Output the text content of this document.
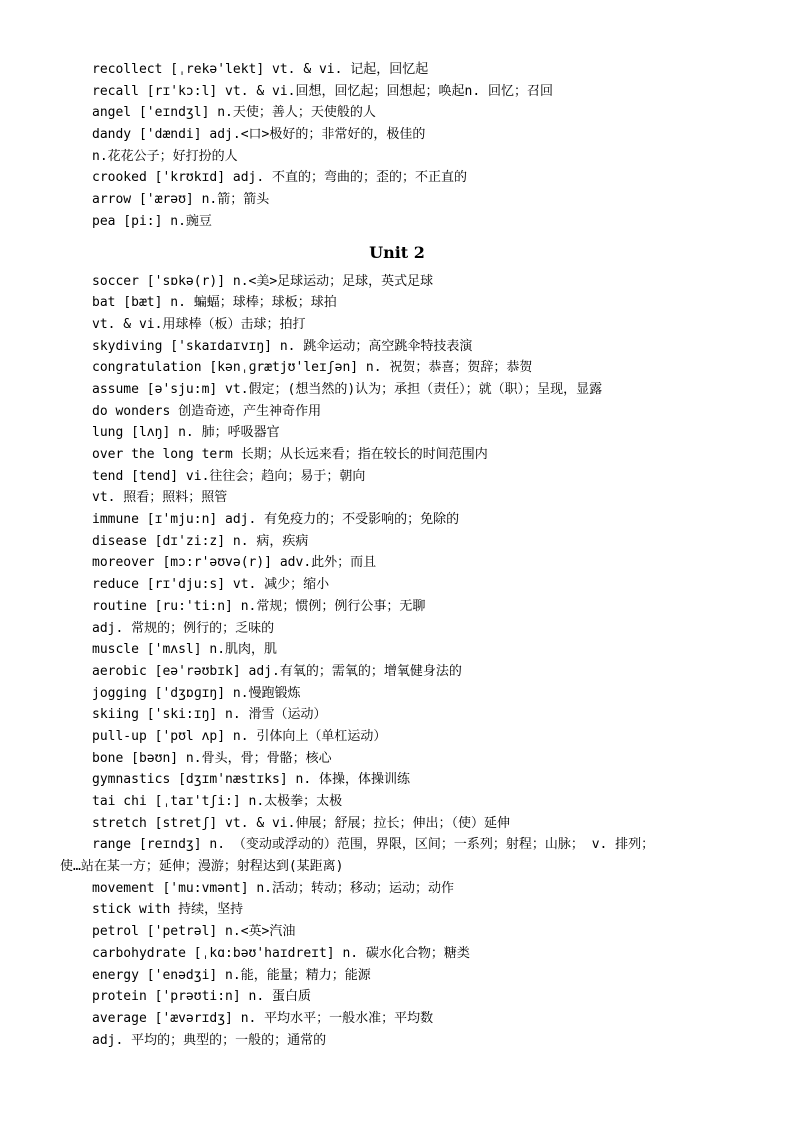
recollect [ˌrekə'lekt] vt. & vi. 记起，回忆起
recall [rɪ'kɔ:l] vt. & vi.回想，回忆起；回想起；唤起n. 回忆；召回
angel ['eɪndʒl] n.天使；善人；天使般的人
dandy ['dændi] adj.<口>极好的；非常好的，极佳的
n.花花公子；好打扮的人
crooked ['krʊkɪd] adj. 不直的；弯曲的；歪的；不正直的
arrow ['ærəʊ] n.箭；箭头
pea [pi:] n.豌豆
Unit 2
soccer ['sɒkə(r)] n.<美>足球运动；足球，英式足球
bat [bæt] n. 蝙蝠；球棒；球板；球拍
vt. & vi.用球棒（板）击球；拍打
skydiving ['skaɪdaɪvɪŋ] n. 跳伞运动；高空跳伞特技表演
congratulation [kənˌɡrætjʊ'leɪʃən] n. 祝贺；恭喜；贺辞；恭贺
assume [ə'sju:m] vt.假定；(想当然的)认为；承担（责任）；就（职）；呈现，显露
do wonders 创造奇迹，产生神奇作用
lung [lʌŋ] n. 肺；呼吸器官
over the long term 长期；从长远来看；指在较长的时间范围内
tend [tend] vi.往往会；趋向；易于；朝向
vt. 照看；照料；照管
immune [ɪ'mju:n] adj. 有免疫力的；不受影响的；免除的
disease [dɪ'zi:z] n. 病，疾病
moreover [mɔ:r'əʊvə(r)] adv.此外；而且
reduce [rɪ'dju:s] vt. 减少；缩小
routine [ru:'ti:n] n.常规；惯例；例行公事；无聊
adj. 常规的；例行的；乏味的
muscle ['mʌsl] n.肌肉，肌
aerobic [eə'rəʊbɪk] adj.有氧的；需氧的；增氧健身法的
jogging ['dʒɒɡɪŋ] n.慢跑锻炼
skiing ['ski:ɪŋ] n. 滑雪（运动）
pull-up ['pʊl ʌp] n. 引体向上（单杠运动）
bone [bəʊn] n.骨头，骨；骨骼；核心
gymnastics [dʒɪm'næstɪks] n. 体操，体操训练
tai chi [ˌtaɪ'tʃi:] n.太极拳；太极
stretch [stretʃ] vt. & vi.伸展；舒展；拉长；伸出；（使）延伸
range [reɪndʒ] n. （变动或浮动的）范围，界限，区间；一系列；射程；山脉； v. 排列；
使…站在某一方；延伸；漫游；射程达到(某距离)
movement ['mu:vmənt] n.活动；转动；移动；运动；动作
stick with 持续，坚持
petrol ['petrəl] n.<英>汽油
carbohydrate [ˌkɑ:bəʊ'haɪdreɪt] n. 碳水化合物；糖类
energy ['enədʒi] n.能，能量；精力；能源
protein ['prəʊti:n] n. 蛋白质
average ['ævərɪdʒ] n. 平均水平；一般水准；平均数
adj. 平均的；典型的；一般的；通常的
